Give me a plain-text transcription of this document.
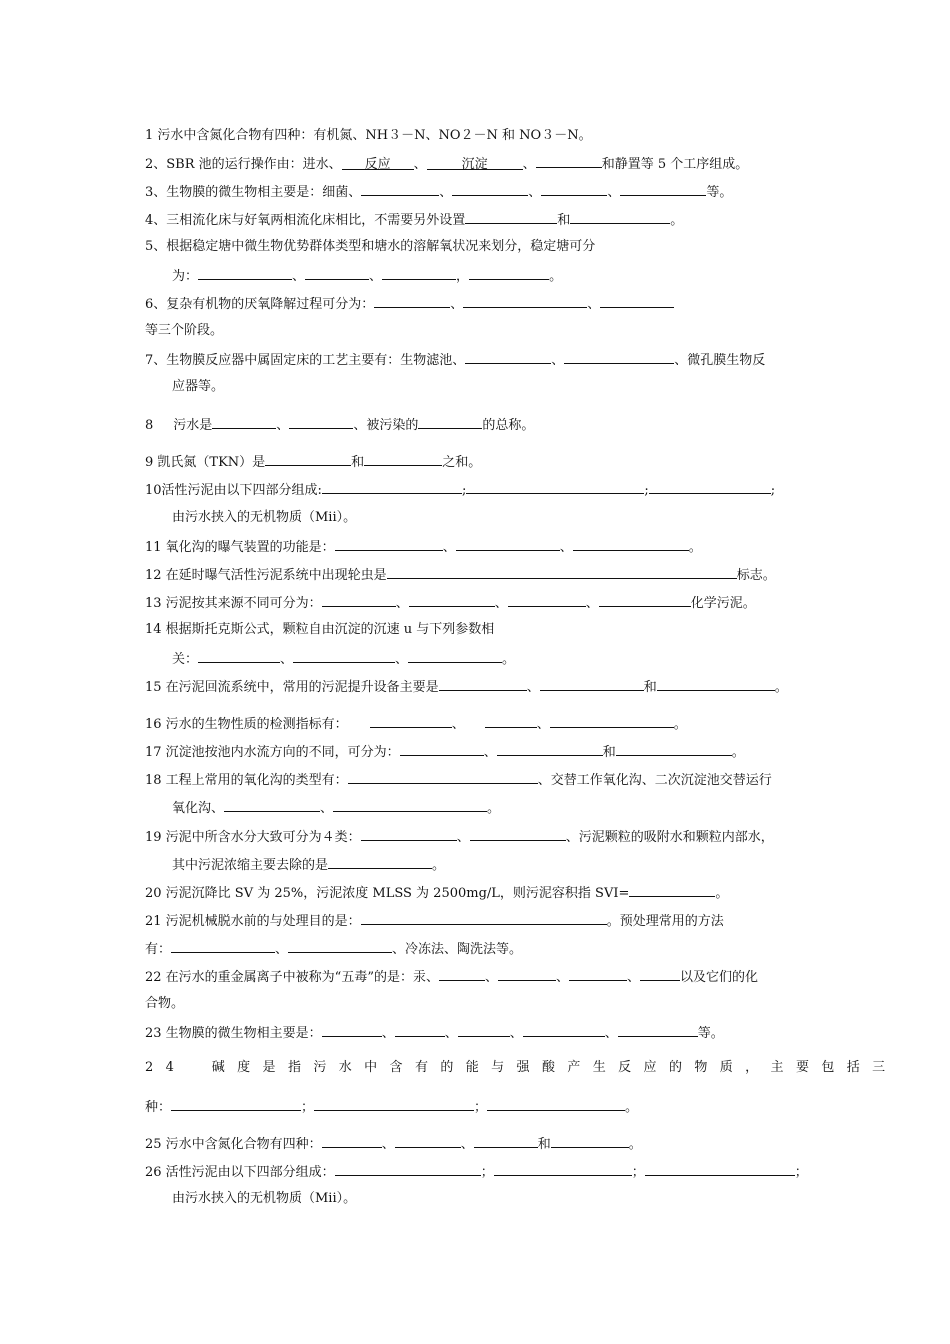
1 污水中含氮化合物有四种：有机氮、NH３－N、NO２－N 和 NO３－N。
2、SBR 池的运行操作由：进水、 反应 、	沉淀	、	和静置等 5 个工序组成。
3、生物膜的微生物相主要是：细菌、	、	、	、	等。
4、三相流化床与好氧两相流化床相比，不需要另外设置	和	。
5、根据稳定塘中微生物优势群体类型和塘水的溶解氧状况来划分，稳定塘可分
为：	、	、	，	。
6、复杂有机物的厌氧降解过程可分为：	、	、
等三个阶段。
7、生物膜反应器中属固定床的工艺主要有：生物滤池、	、	、微孔膜生物反
应器等。
8 污水是	、	、被污染的	的总称。
9 凯氏氮（TKN）是	和	之和。
10活性污泥由以下四部分组成:	;	;	;
由污水挟入的无机物质（Mii）。
11 氧化沟的曝气装置的功能是：	、	、	。
12 在延时曝气活性污泥系统中出现轮虫是	标志。
13 污泥按其来源不同可分为：	、	、	、	化学污泥。
14 根据斯托克斯公式，颗粒自由沉淀的沉速 u 与下列参数相
关：	、	、	。
15 在污泥回流系统中，常用的污泥提升设备主要是	、	和	。
16 污水的生物性质的检测指标有：	、	、	。
17 沉淀池按池内水流方向的不同，可分为：	、	和	。
18 工程上常用的氧化沟的类型有：	、交替工作氧化沟、二次沉淀池交替运行
氧化沟、	、	。
19 污泥中所含水分大致可分为４类：	、	、污泥颗粒的吸附水和颗粒内部水，
其中污泥浓缩主要去除的是	。
20 污泥沉降比 SV 为 25%，污泥浓度 MLSS 为 2500mg/L，则污泥容积指 SVI=	。
21 污泥机械脱水前的与处理目的是：	。预处理常用的方法
有：	、	、冷冻法、陶洗法等。
22 在污水的重金属离子中被称为“五毒”的是：汞、	、	、	、	以及它们的化
合物。
23 生物膜的微生物相主要是：	、	、	、	、	等。
24　碱度是指污水中含有的能与强酸产生反应的物质，主要包括三
种：	；	；	。
25 污水中含氮化合物有四种：	、	、	和	。
26 活性污泥由以下四部分组成：	；	；	；
由污水挟入的无机物质（Mii）。
